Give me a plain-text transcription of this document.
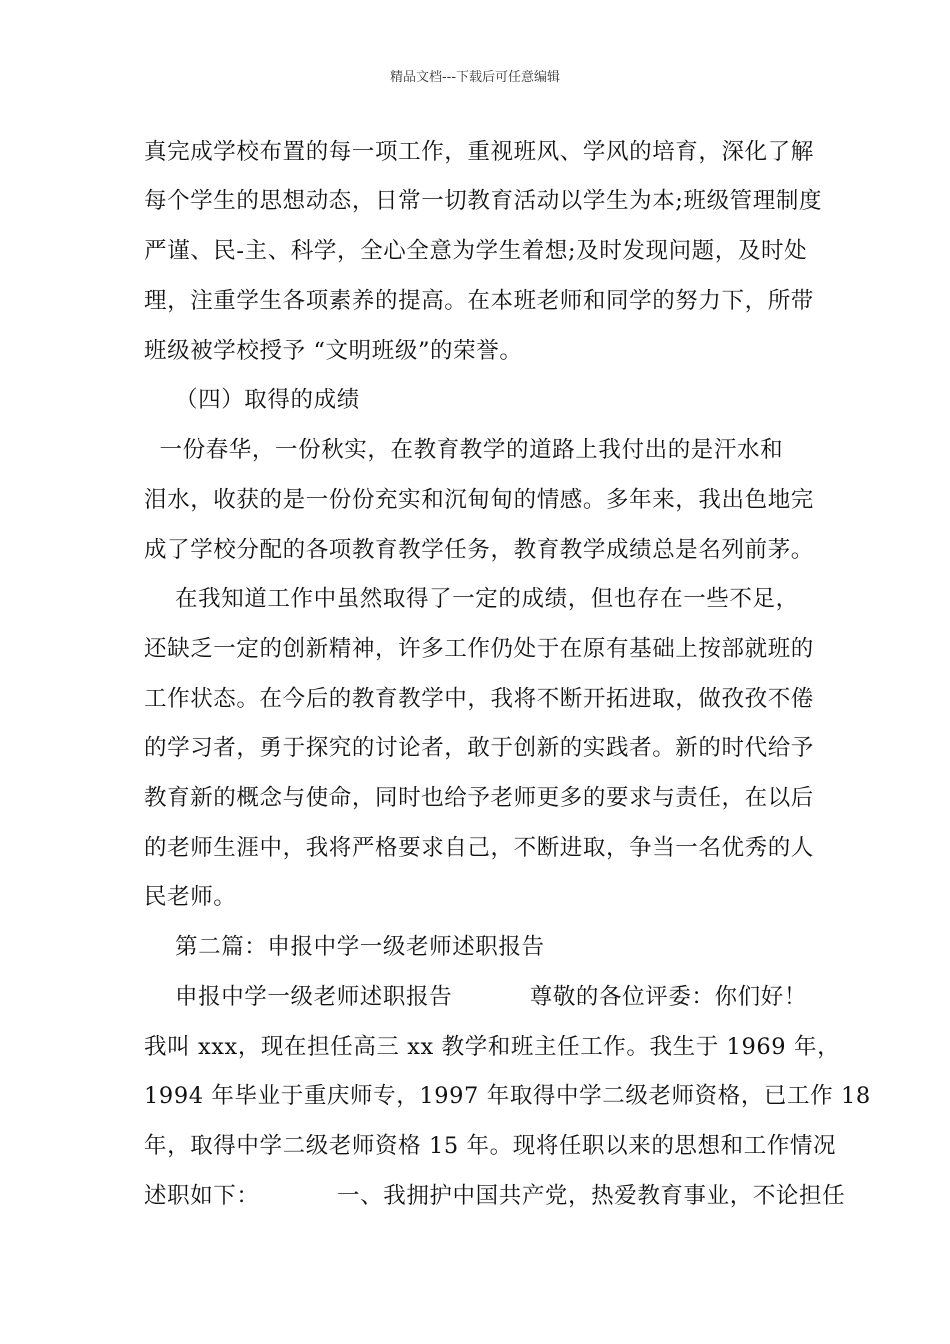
精品文档---下载后可任意编辑
真完成学校布置的每一项工作，重视班风、学风的培育，深化了解
每个学生的思想动态，日常一切教育活动以学生为本;班级管理制度
严谨、民-主、科学，全心全意为学生着想;及时发现问题，及时处
理，注重学生各项素养的提高。在本班老师和同学的努力下，所带
班级被学校授予 “文明班级”的荣誉。
（四）取得的成绩
一份春华，一份秋实，在教育教学的道路上我付出的是汗水和
泪水，收获的是一份份充实和沉甸甸的情感。多年来，我出色地完
成了学校分配的各项教育教学任务，教育教学成绩总是名列前茅。
在我知道工作中虽然取得了一定的成绩，但也存在一些不足，
还缺乏一定的创新精神，许多工作仍处于在原有基础上按部就班的
工作状态。在今后的教育教学中，我将不断开拓进取，做孜孜不倦
的学习者，勇于探究的讨论者，敢于创新的实践者。新的时代给予
教育新的概念与使命，同时也给予老师更多的要求与责任，在以后
的老师生涯中，我将严格要求自己，不断进取，争当一名优秀的人
民老师。
第二篇：申报中学一级老师述职报告
申报中学一级老师述职报告          尊敬的各位评委：你们好！
我叫 xxx，现在担任高三 xx 教学和班主任工作。我生于 1969 年，
1994 年毕业于重庆师专，1997 年取得中学二级老师资格，已工作 18
年，取得中学二级老师资格 15 年。现将任职以来的思想和工作情况
述职如下：          一、我拥护中国共产党，热爱教育事业，不论担任
